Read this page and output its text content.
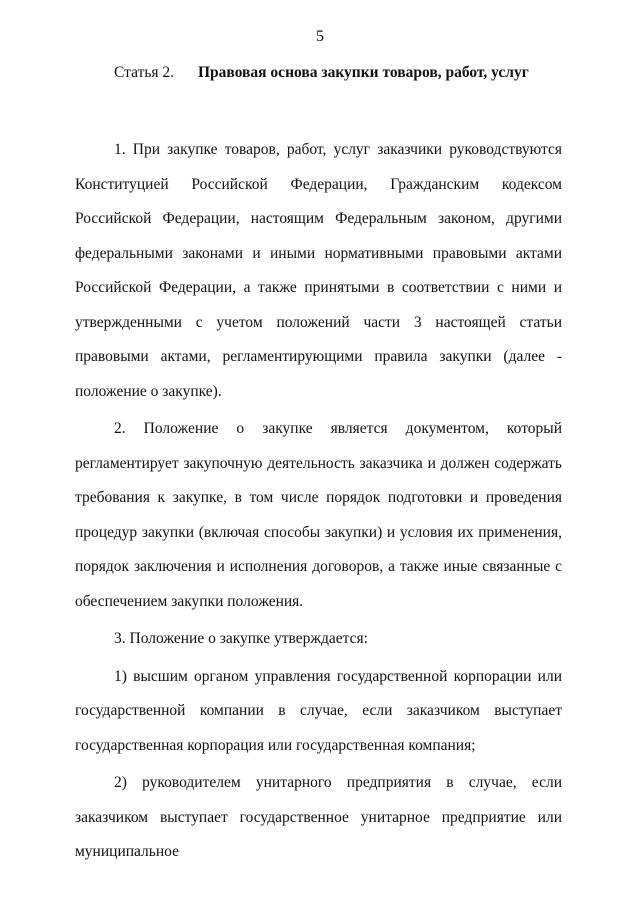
5
Статья 2. Правовая основа закупки товаров, работ, услуг

1. При закупке товаров, работ, услуг заказчики руководствуются Конституцией Российской Федерации, Гражданским кодексом Российской Федерации, настоящим Федеральным законом, другими федеральными законами и иными нормативными правовыми актами Российской Федерации, а также принятыми в соответствии с ними и утвержденными с учетом положений части 3 настоящей статьи правовыми актами, регламентирующими правила закупки (далее - положение о закупке).

2. Положение о закупке является документом, который регламентирует закупочную деятельность заказчика и должен содержать требования к закупке, в том числе порядок подготовки и проведения процедур закупки (включая способы закупки) и условия их применения, порядок заключения и исполнения договоров, а также иные связанные с обеспечением закупки положения.

3. Положение о закупке утверждается:

1) высшим органом управления государственной корпорации или государственной компании в случае, если заказчиком выступает государственная корпорация или государственная компания;

2) руководителем унитарного предприятия в случае, если заказчиком выступает государственное унитарное предприятие или муниципальное
